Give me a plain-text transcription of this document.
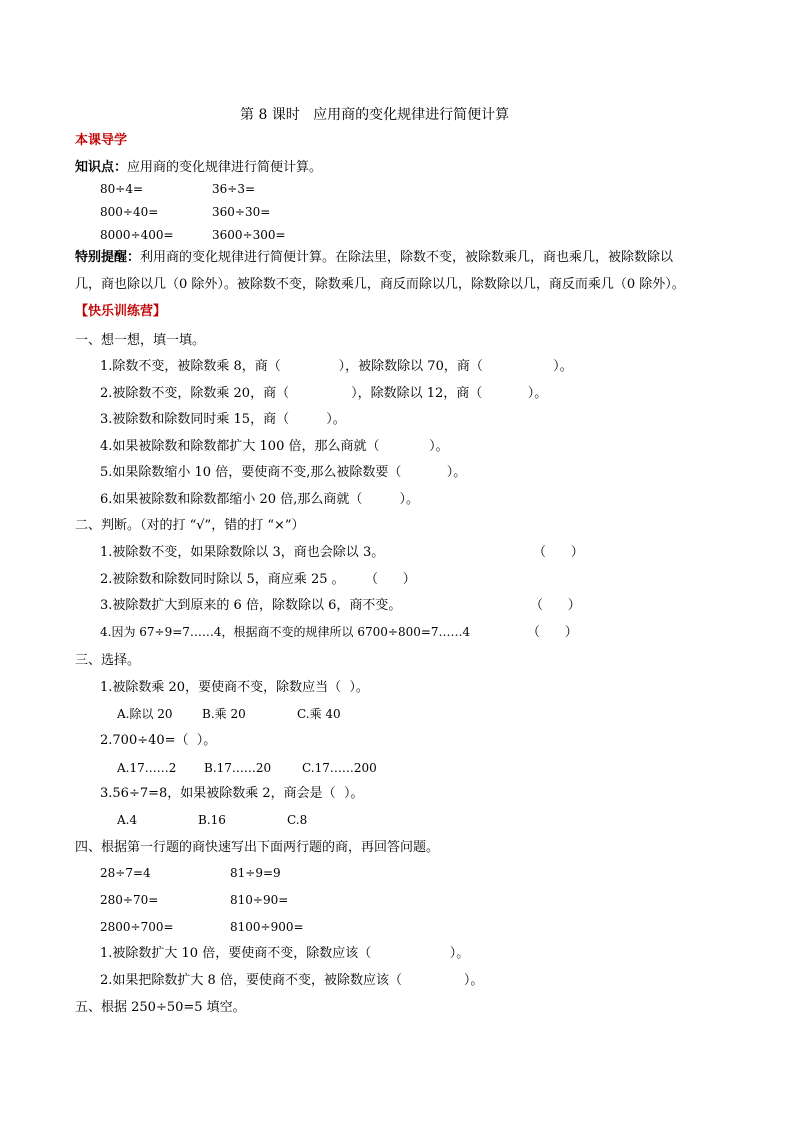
第 8 课时   应用商的变化规律进行简便计算
本课导学
知识点：应用商的变化规律进行简便计算。
80÷4=	36÷3=
800÷40=	360÷30=
8000÷400=	3600÷300=
特别提醒：利用商的变化规律进行简便计算。在除法里，除数不变，被除数乘几，商也乘几，被除数除以
几，商也除以几（0 除外）。被除数不变，除数乘几，商反而除以几，除数除以几，商反而乘几（0 除外）。
【快乐训练营】
一、想一想，填一填。
1.除数不变，被除数乘 8，商（              ），被除数除以 70，商（                 ）。
2.被除数不变，除数乘 20，商（               ），除数除以 12，商（           ）。
3.被除数和除数同时乘 15，商（         ）。
4.如果被除数和除数都扩大 100 倍，那么商就（            ）。
5.如果除数缩小 10 倍，要使商不变,那么被除数要（           ）。
6.如果被除数和除数都缩小 20 倍,那么商就（         ）。
二、判断。（对的打 “√”，错的打 “×”）
1.被除数不变，如果除数除以 3，商也会除以 3。	（      ）
2.被除数和除数同时除以 5，商应乘 25 。 （      ）
3.被除数扩大到原来的 6 倍，除数除以 6，商不变。	（      ）
4.因为 67÷9=7……4，根据商不变的规律所以 6700÷800=7……4	（      ）
三、选择。
1.被除数乘 20，要使商不变，除数应当（  ）。
A.除以 20 B.乘 20	C.乘 40
2.700÷40=（  ）。
A.17……2 B.17……20	C.17……200
3.56÷7=8，如果被除数乘 2，商会是（  ）。
A.4	B.16	C.8
四、根据第一行题的商快速写出下面两行题的商，再回答问题。
28÷7=4	81÷9=9
280÷70=	810÷90=
2800÷700=	8100÷900=
1.被除数扩大 10 倍，要使商不变，除数应该（                   ）。
2.如果把除数扩大 8 倍，要使商不变，被除数应该（               ）。
五、根据 250÷50=5 填空。
